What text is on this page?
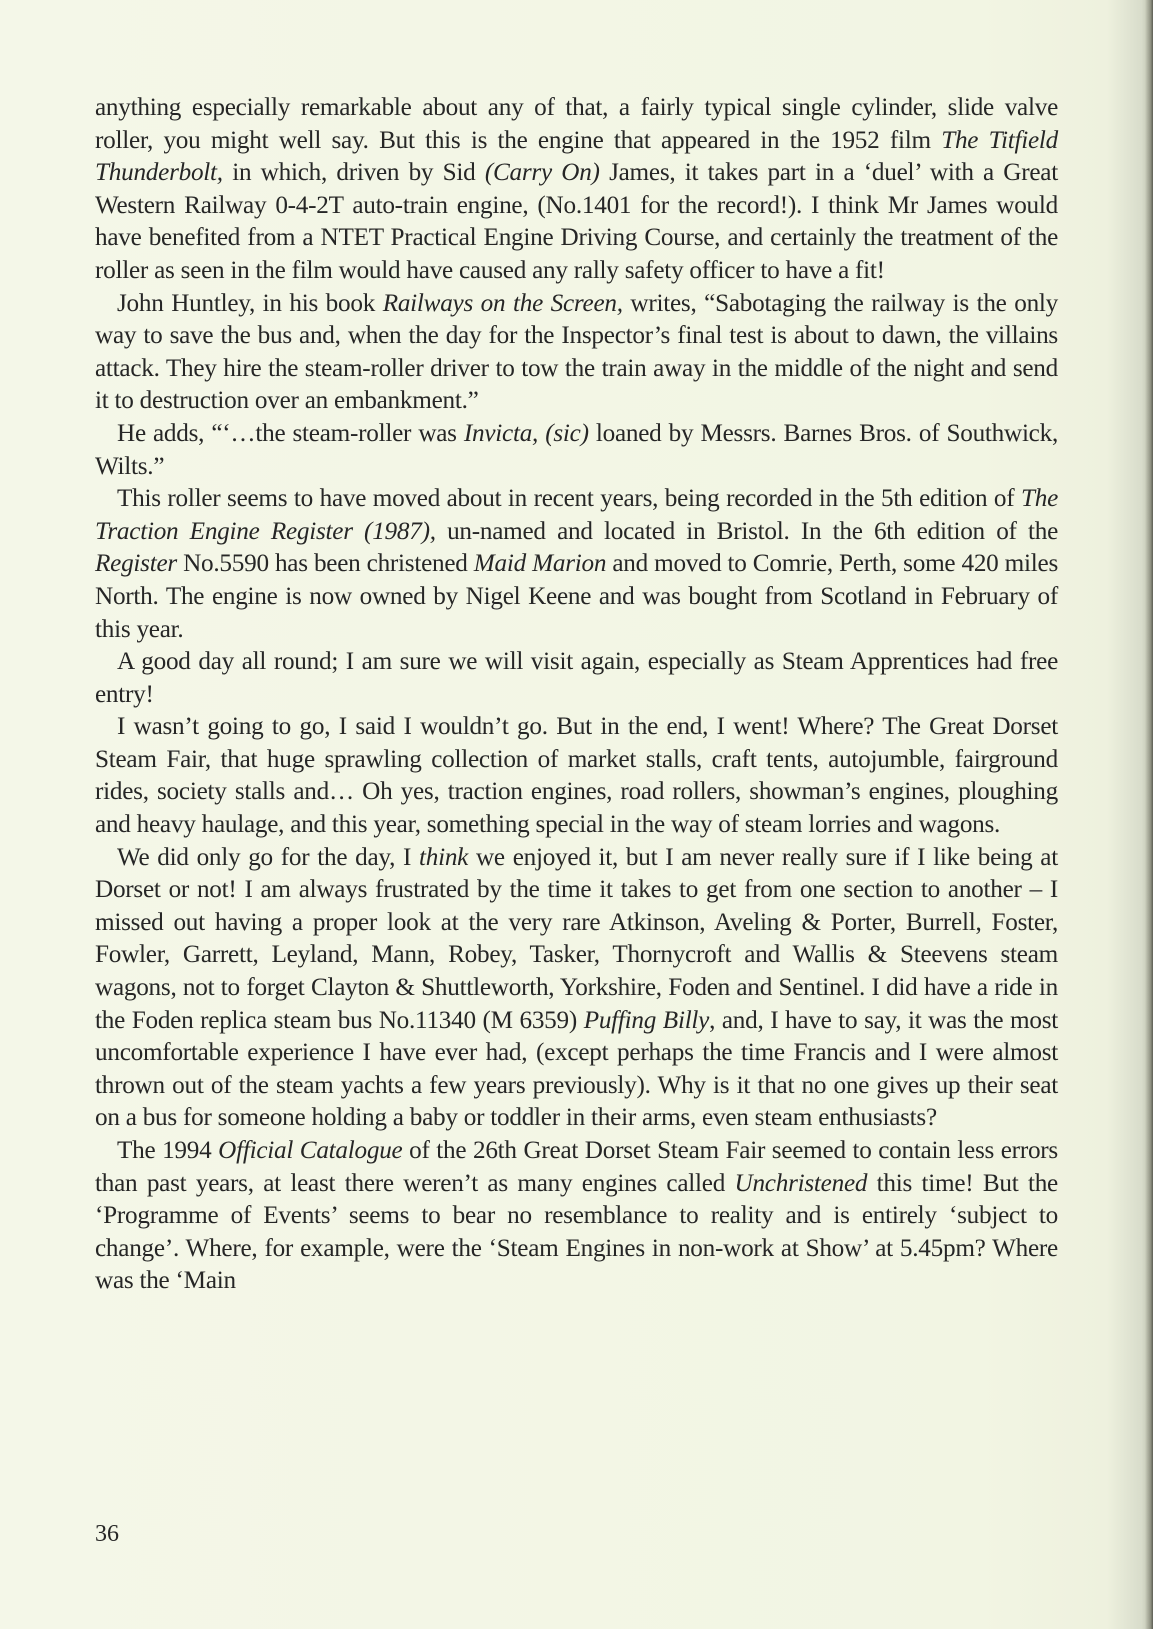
anything especially remarkable about any of that, a fairly typical single cylinder, slide valve roller, you might well say. But this is the engine that appeared in the 1952 film The Titfield Thunderbolt, in which, driven by Sid (Carry On) James, it takes part in a ‘duel’ with a Great Western Railway 0-4-2T auto-train engine, (No.1401 for the record!). I think Mr James would have benefited from a NTET Practical Engine Driving Course, and certainly the treatment of the roller as seen in the film would have caused any rally safety officer to have a fit!

John Huntley, in his book Railways on the Screen, writes, “Sabotaging the railway is the only way to save the bus and, when the day for the Inspector’s final test is about to dawn, the villains attack. They hire the steam-roller driver to tow the train away in the middle of the night and send it to destruction over an embankment.”

He adds, “‘…the steam-roller was Invicta, (sic) loaned by Messrs. Barnes Bros. of Southwick, Wilts.”

This roller seems to have moved about in recent years, being recorded in the 5th edition of The Traction Engine Register (1987), un-named and located in Bristol. In the 6th edition of the Register No.5590 has been christened Maid Marion and moved to Comrie, Perth, some 420 miles North. The engine is now owned by Nigel Keene and was bought from Scotland in February of this year.

A good day all round; I am sure we will visit again, especially as Steam Apprentices had free entry!

I wasn’t going to go, I said I wouldn’t go. But in the end, I went! Where? The Great Dorset Steam Fair, that huge sprawling collection of market stalls, craft tents, autojumble, fairground rides, society stalls and… Oh yes, traction engines, road rollers, showman’s engines, ploughing and heavy haulage, and this year, something special in the way of steam lorries and wagons.

We did only go for the day, I think we enjoyed it, but I am never really sure if I like being at Dorset or not! I am always frustrated by the time it takes to get from one section to another – I missed out having a proper look at the very rare Atkinson, Aveling & Porter, Burrell, Foster, Fowler, Garrett, Leyland, Mann, Robey, Tasker, Thornycroft and Wallis & Steevens steam wagons, not to forget Clayton & Shuttleworth, Yorkshire, Foden and Sentinel. I did have a ride in the Foden replica steam bus No.11340 (M 6359) Puffing Billy, and, I have to say, it was the most uncomfortable experience I have ever had, (except perhaps the time Francis and I were almost thrown out of the steam yachts a few years previously). Why is it that no one gives up their seat on a bus for someone holding a baby or toddler in their arms, even steam enthusiasts?

The 1994 Official Catalogue of the 26th Great Dorset Steam Fair seemed to contain less errors than past years, at least there weren’t as many engines called Unchristened this time! But the ‘Programme of Events’ seems to bear no resemblance to reality and is entirely ‘subject to change’. Where, for example, were the ‘Steam Engines in non-work at Show’ at 5.45pm? Where was the ‘Main

36
